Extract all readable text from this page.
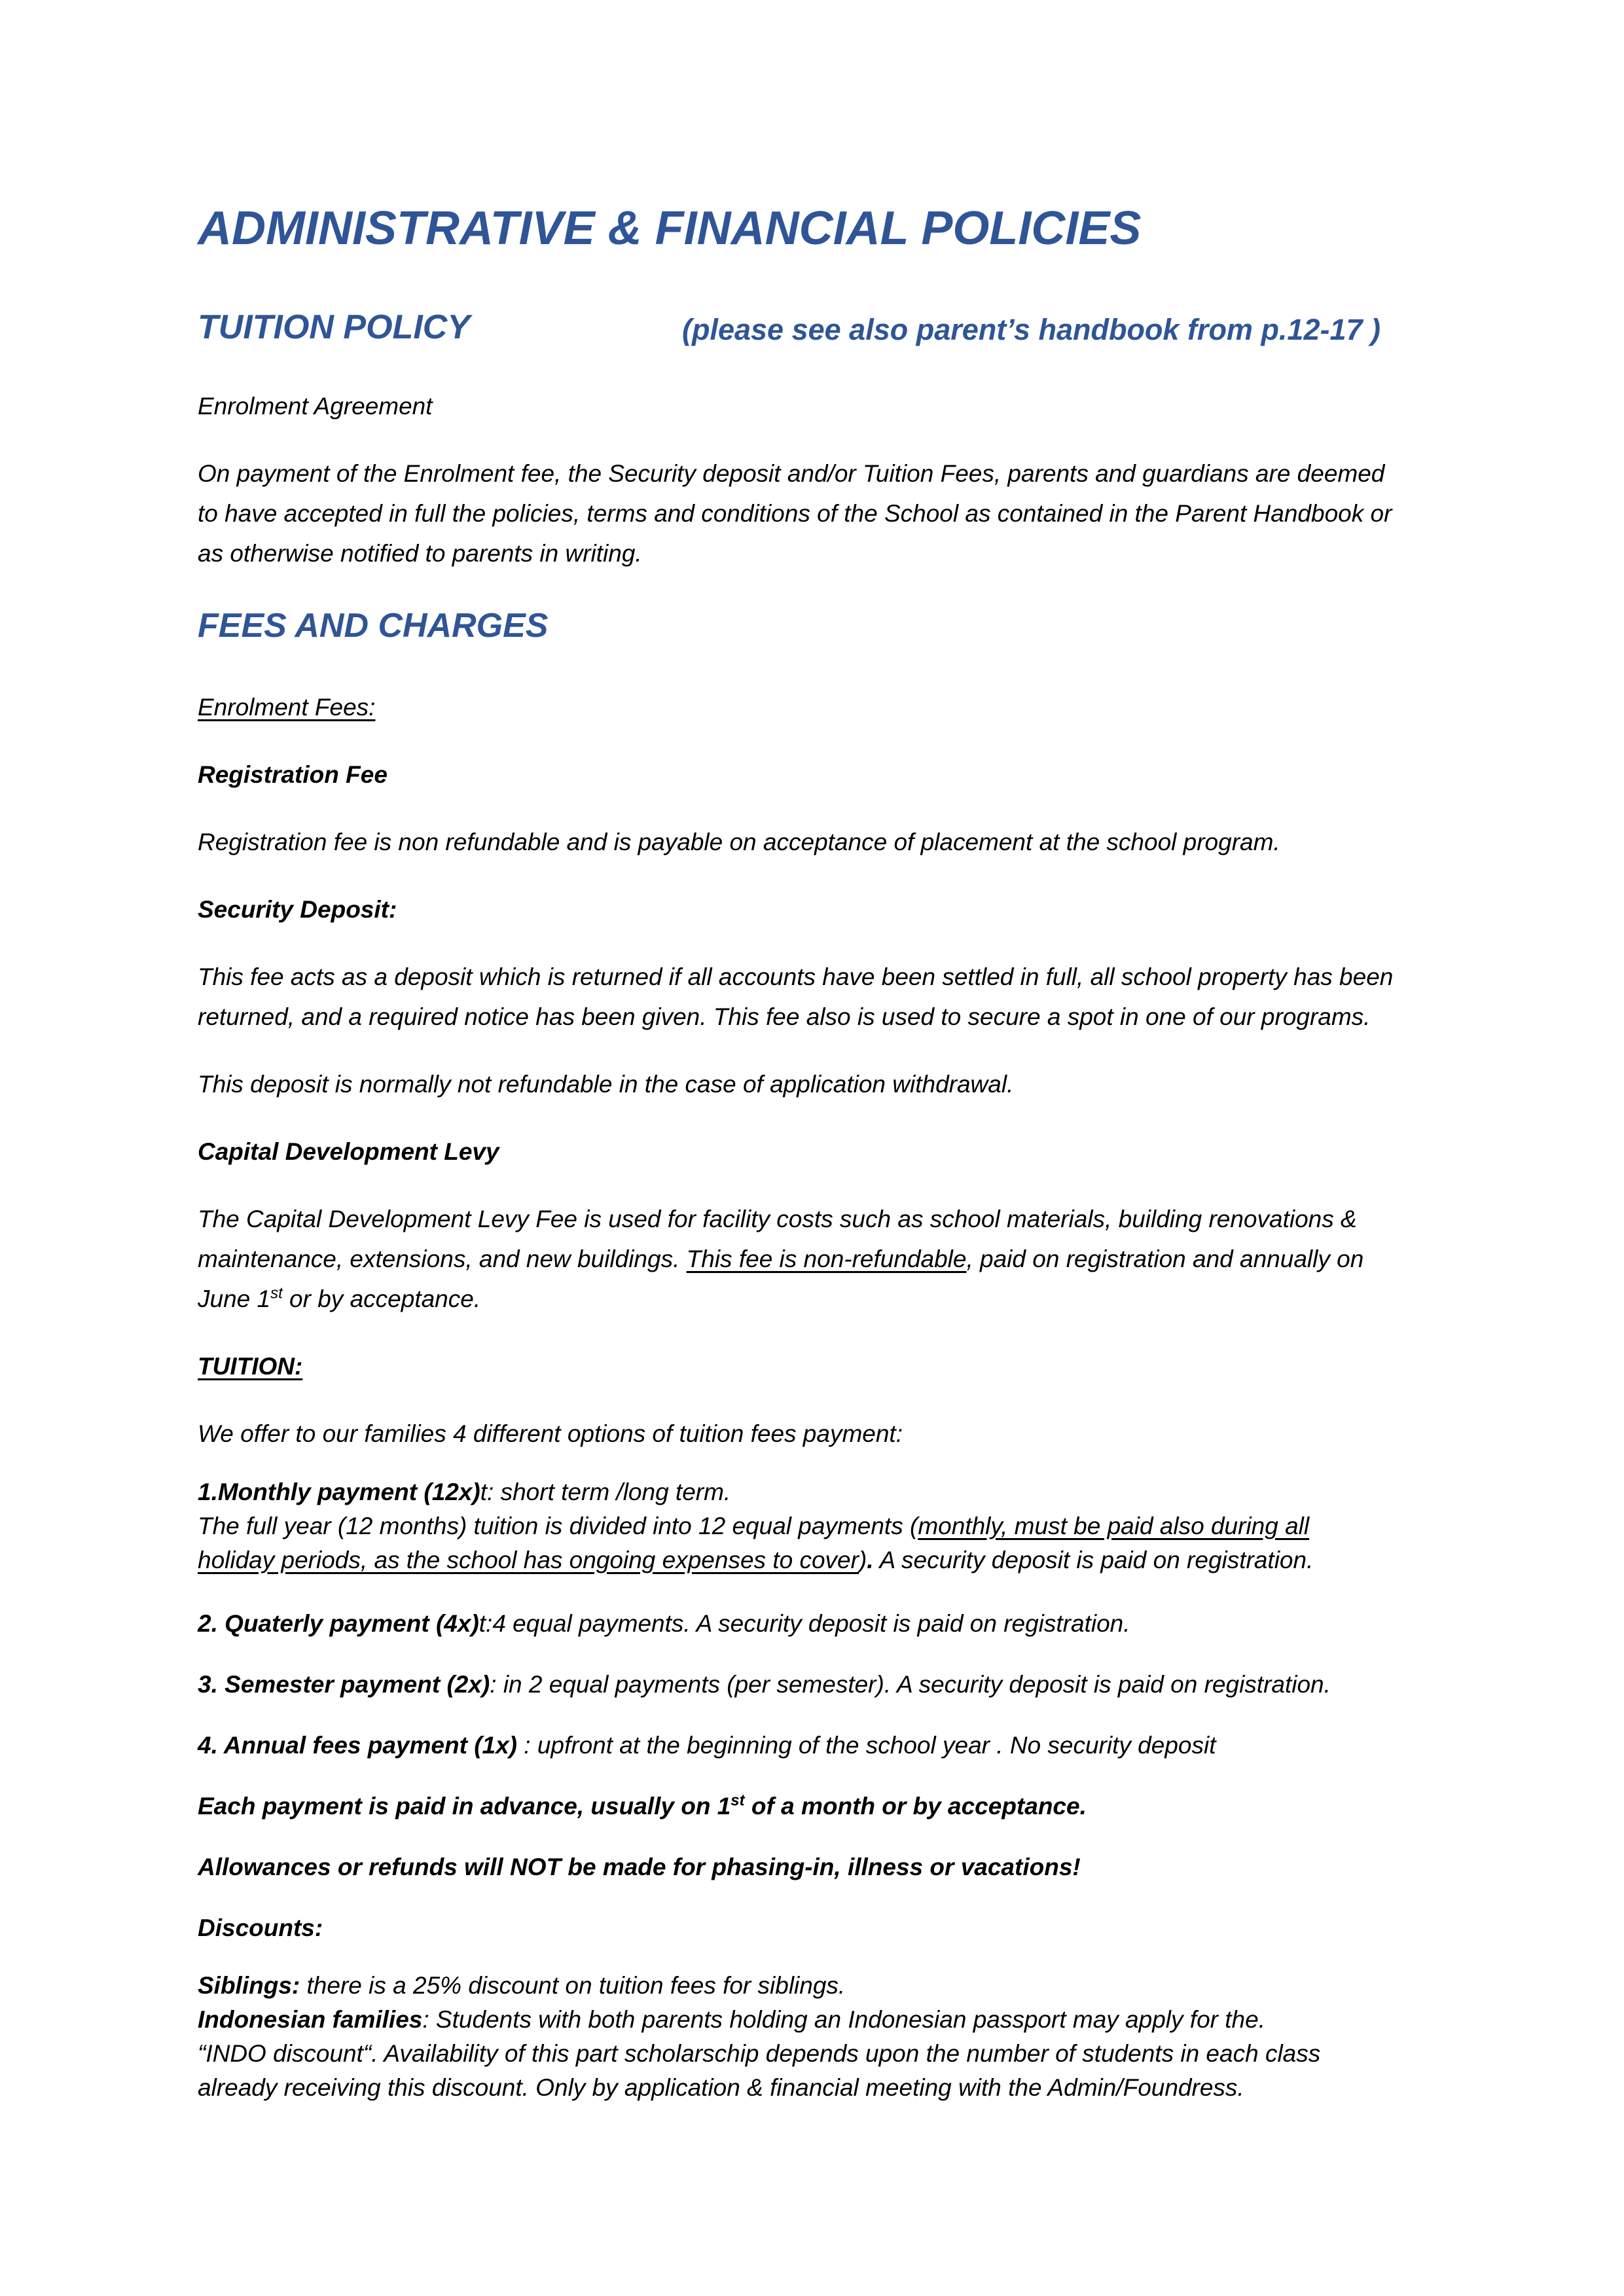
ADMINISTRATIVE & FINANCIAL POLICIES
TUITION POLICY	(please see also parent’s handbook from p.12-17 )
Enrolment Agreement
On payment of the Enrolment fee, the Security deposit and/or Tuition Fees, parents and guardians are deemed
to have accepted in full the policies, terms and conditions of the School as contained in the Parent Handbook or
as otherwise notified to parents in writing.
FEES AND CHARGES
Enrolment Fees:
Registration Fee
Registration fee is non refundable and is payable on acceptance of placement at the school program.
Security Deposit:
This fee acts as a deposit which is returned if all accounts have been settled in full, all school property has been
returned, and a required notice has been given. This fee also is used to secure a spot in one of our programs.
This deposit is normally not refundable in the case of application withdrawal.
Capital Development Levy
The Capital Development Levy Fee is used for facility costs such as school materials, building renovations &
maintenance, extensions, and new buildings. This fee is non-refundable, paid on registration and annually on
June 1st or by acceptance.
TUITION:
We offer to our families 4 different options of tuition fees payment:
1.Monthly payment (12x)t: short term /long term.
The full year (12 months) tuition is divided into 12 equal payments (monthly, must be paid also during all
holiday periods, as the school has ongoing expenses to cover). A security deposit is paid on registration.
2. Quaterly payment (4x)t:4 equal payments. A security deposit is paid on registration.
3. Semester payment (2x): in 2 equal payments (per semester). A security deposit is paid on registration.
4. Annual fees payment (1x) : upfront at the beginning of the school year . No security deposit
Each payment is paid in advance, usually on 1st of a month or by acceptance.
Allowances or refunds will NOT be made for phasing-in, illness or vacations!
Discounts:
Siblings: there is a 25% discount on tuition fees for siblings.
Indonesian families: Students with both parents holding an Indonesian passport may apply for the.
“INDO discount“. Availability of this part scholarschip depends upon the number of students in each class
already receiving this discount. Only by application & financial meeting with the Admin/Foundress.
